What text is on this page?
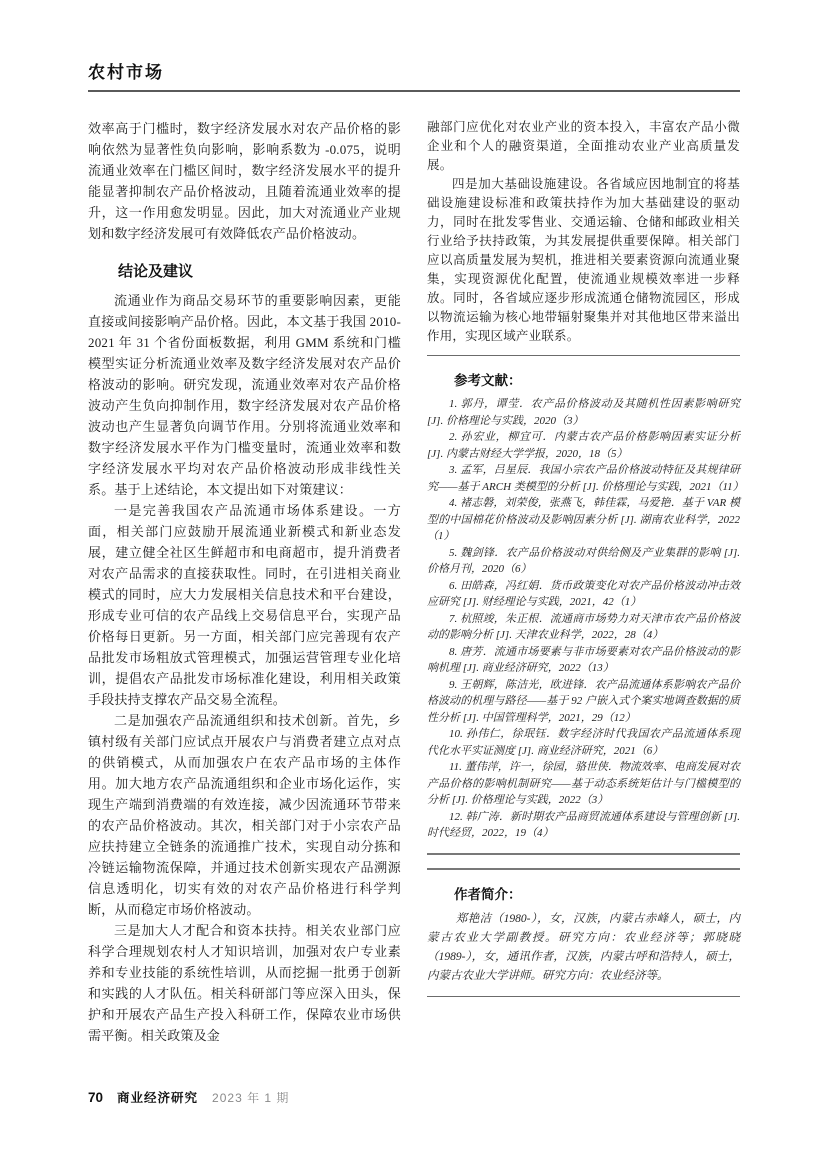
农村市场

效率高于门槛时，数字经济发展水对农产品价格的影响依然为显著性负向影响，影响系数为 -0.075，说明流通业效率在门槛区间时，数字经济发展水平的提升能显著抑制农产品价格波动，且随着流通业效率的提升，这一作用愈发明显。因此，加大对流通业产业规划和数字经济发展可有效降低农产品价格波动。

结论及建议

流通业作为商品交易环节的重要影响因素，更能直接或间接影响产品价格。因此，本文基于我国 2010-2021 年 31 个省份面板数据，利用 GMM 系统和门槛模型实证分析流通业效率及数字经济发展对农产品价格波动的影响。研究发现，流通业效率对农产品价格波动产生负向抑制作用，数字经济发展对农产品价格波动也产生显著负向调节作用。分别将流通业效率和数字经济发展水平作为门槛变量时，流通业效率和数字经济发展水平均对农产品价格波动形成非线性关系。基于上述结论，本文提出如下对策建议：

一是完善我国农产品流通市场体系建设。一方面，相关部门应鼓励开展流通业新模式和新业态发展，建立健全社区生鲜超市和电商超市，提升消费者对农产品需求的直接获取性。同时，在引进相关商业模式的同时，应大力发展相关信息技术和平台建设，形成专业可信的农产品线上交易信息平台，实现产品价格每日更新。另一方面，相关部门应完善现有农产品批发市场粗放式管理模式，加强运营管理专业化培训，提倡农产品批发市场标准化建设，利用相关政策手段扶持支撑农产品交易全流程。

二是加强农产品流通组织和技术创新。首先，乡镇村级有关部门应试点开展农户与消费者建立点对点的供销模式，从而加强农户在农产品市场的主体作用。加大地方农产品流通组织和企业市场化运作，实现生产端到消费端的有效连接，减少因流通环节带来的农产品价格波动。其次，相关部门对于小宗农产品应扶持建立全链条的流通推广技术，实现自动分拣和冷链运输物流保障，并通过技术创新实现农产品溯源信息透明化，切实有效的对农产品价格进行科学判断，从而稳定市场价格波动。

三是加大人才配合和资本扶持。相关农业部门应科学合理规划农村人才知识培训，加强对农户专业素养和专业技能的系统性培训，从而挖掘一批勇于创新和实践的人才队伍。相关科研部门等应深入田头，保护和开展农产品生产投入科研工作，保障农业市场供需平衡。相关政策及金

融部门应优化对农业产业的资本投入，丰富农产品小微企业和个人的融资渠道，全面推动农业产业高质量发展。

四是加大基础设施建设。各省域应因地制宜的将基础设施建设标准和政策扶持作为加大基础建设的驱动力，同时在批发零售业、交通运输、仓储和邮政业相关行业给予扶持政策，为其发展提供重要保障。相关部门应以高质量发展为契机，推进相关要素资源向流通业聚集，实现资源优化配置，使流通业规模效率进一步释放。同时，各省域应逐步形成流通仓储物流园区，形成以物流运输为核心地带辐射聚集并对其他地区带来溢出作用，实现区域产业联系。

参考文献：

1. 郭丹，谭莹．农产品价格波动及其随机性因素影响研究 [J]. 价格理论与实践，2020（3）

2. 孙宏业，柳宜可．内蒙古农产品价格影响因素实证分析 [J]. 内蒙古财经大学学报，2020，18（5）

3. 孟军，吕星辰．我国小宗农产品价格波动特征及其规律研究——基于 ARCH 类模型的分析 [J]. 价格理论与实践，2021（11）

4. 褚志磐，刘荣俊，张燕飞，韩佳霖，马爱艳．基于 VAR 模型的中国棉花价格波动及影响因素分析 [J]. 湖南农业科学，2022（1）

5. 魏剑锋．农产品价格波动对供给侧及产业集群的影响 [J]. 价格月刊，2020（6）

6. 田皓森，冯红娟．货币政策变化对农产品价格波动冲击效应研究 [J]. 财经理论与实践，2021，42（1）

7. 杭照竣，朱正根．流通商市场势力对天津市农产品价格波动的影响分析 [J]. 天津农业科学，2022，28（4）

8. 唐芳．流通市场要素与非市场要素对农产品价格波动的影响机理 [J]. 商业经济研究，2022（13）

9. 王朝辉，陈洁光，欧进锋．农产品流通体系影响农产品价格波动的机理与路径——基于 92 户嵌入式个案实地调查数据的质性分析 [J]. 中国管理科学，2021，29（12）

10. 孙伟仁，徐珉钰．数字经济时代我国农产品流通体系现代化水平实证测度 [J]. 商业经济研究，2021（6）

11. 董伟萍，许一，徐园，骆世侠．物流效率、电商发展对农产品价格的影响机制研究——基于动态系统矩估计与门槛模型的分析 [J]. 价格理论与实践，2022（3）

12. 韩广涛．新时期农产品商贸流通体系建设与管理创新 [J]. 时代经贸，2022，19（4）

作者简介：

郑艳洁（1980-），女，汉族，内蒙古赤峰人，硕士，内蒙古农业大学副教授。研究方向：农业经济等；郭晓晓（1989-），女，通讯作者，汉族，内蒙古呼和浩特人，硕士，内蒙古农业大学讲师。研究方向：农业经济等。

70 商业经济研究 2023 年 1 期
